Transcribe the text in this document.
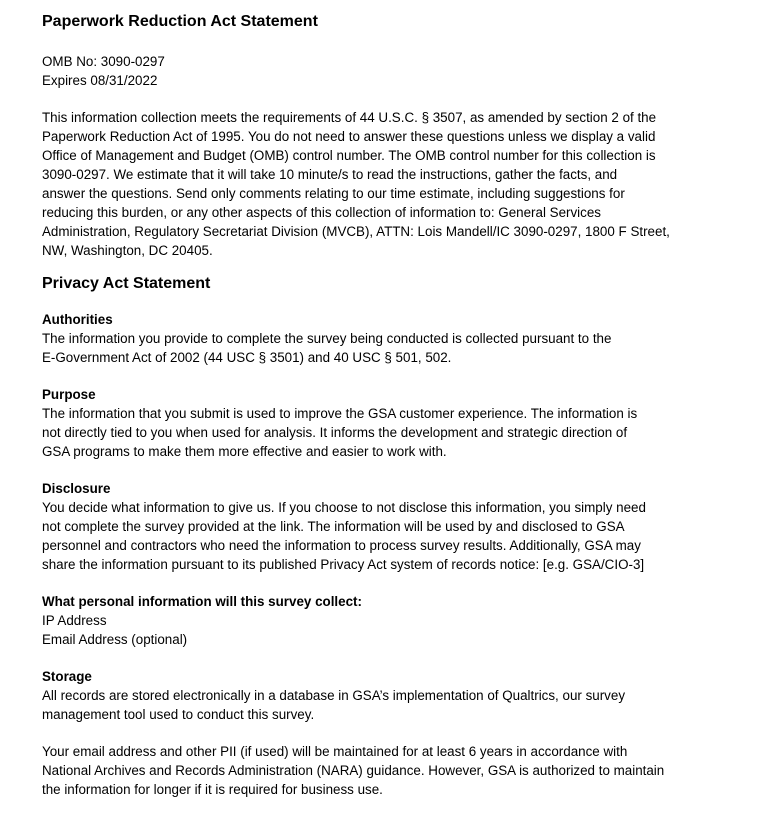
Paperwork Reduction Act Statement

OMB No: 3090-0297
Expires 08/31/2022

This information collection meets the requirements of 44 U.S.C. § 3507, as amended by section 2 of the
Paperwork Reduction Act of 1995. You do not need to answer these questions unless we display a valid
Office of Management and Budget (OMB) control number. The OMB control number for this collection is
3090-0297. We estimate that it will take 10 minute/s to read the instructions, gather the facts, and
answer the questions. Send only comments relating to our time estimate, including suggestions for
reducing this burden, or any other aspects of this collection of information to: General Services
Administration, Regulatory Secretariat Division (MVCB), ATTN: Lois Mandell/IC 3090-0297, 1800 F Street,
NW, Washington, DC 20405.

Privacy Act Statement
Authorities

The information you provide to complete the survey being conducted is collected pursuant to the
E-Government Act of 2002 (44 USC § 3501) and 40 USC § 501, 502.

Purpose

The information that you submit is used to improve the GSA customer experience. The information is
not directly tied to you when used for analysis. It informs the development and strategic direction of
GSA programs to make them more effective and easier to work with.

Disclosure

You decide what information to give us. If you choose to not disclose this information, you simply need
not complete the survey provided at the link. The information will be used by and disclosed to GSA
personnel and contractors who need the information to process survey results. Additionally, GSA may
share the information pursuant to its published Privacy Act system of records notice: [e.g. GSA/CIO-3]

What personal information will this survey collect:

IP Address
Email Address (optional)

Storage

All records are stored electronically in a database in GSA’s implementation of Qualtrics, our survey
management tool used to conduct this survey.

Your email address and other PII (if used) will be maintained for at least 6 years in accordance with
National Archives and Records Administration (NARA) guidance. However, GSA is authorized to maintain
the information for longer if it is required for business use.
